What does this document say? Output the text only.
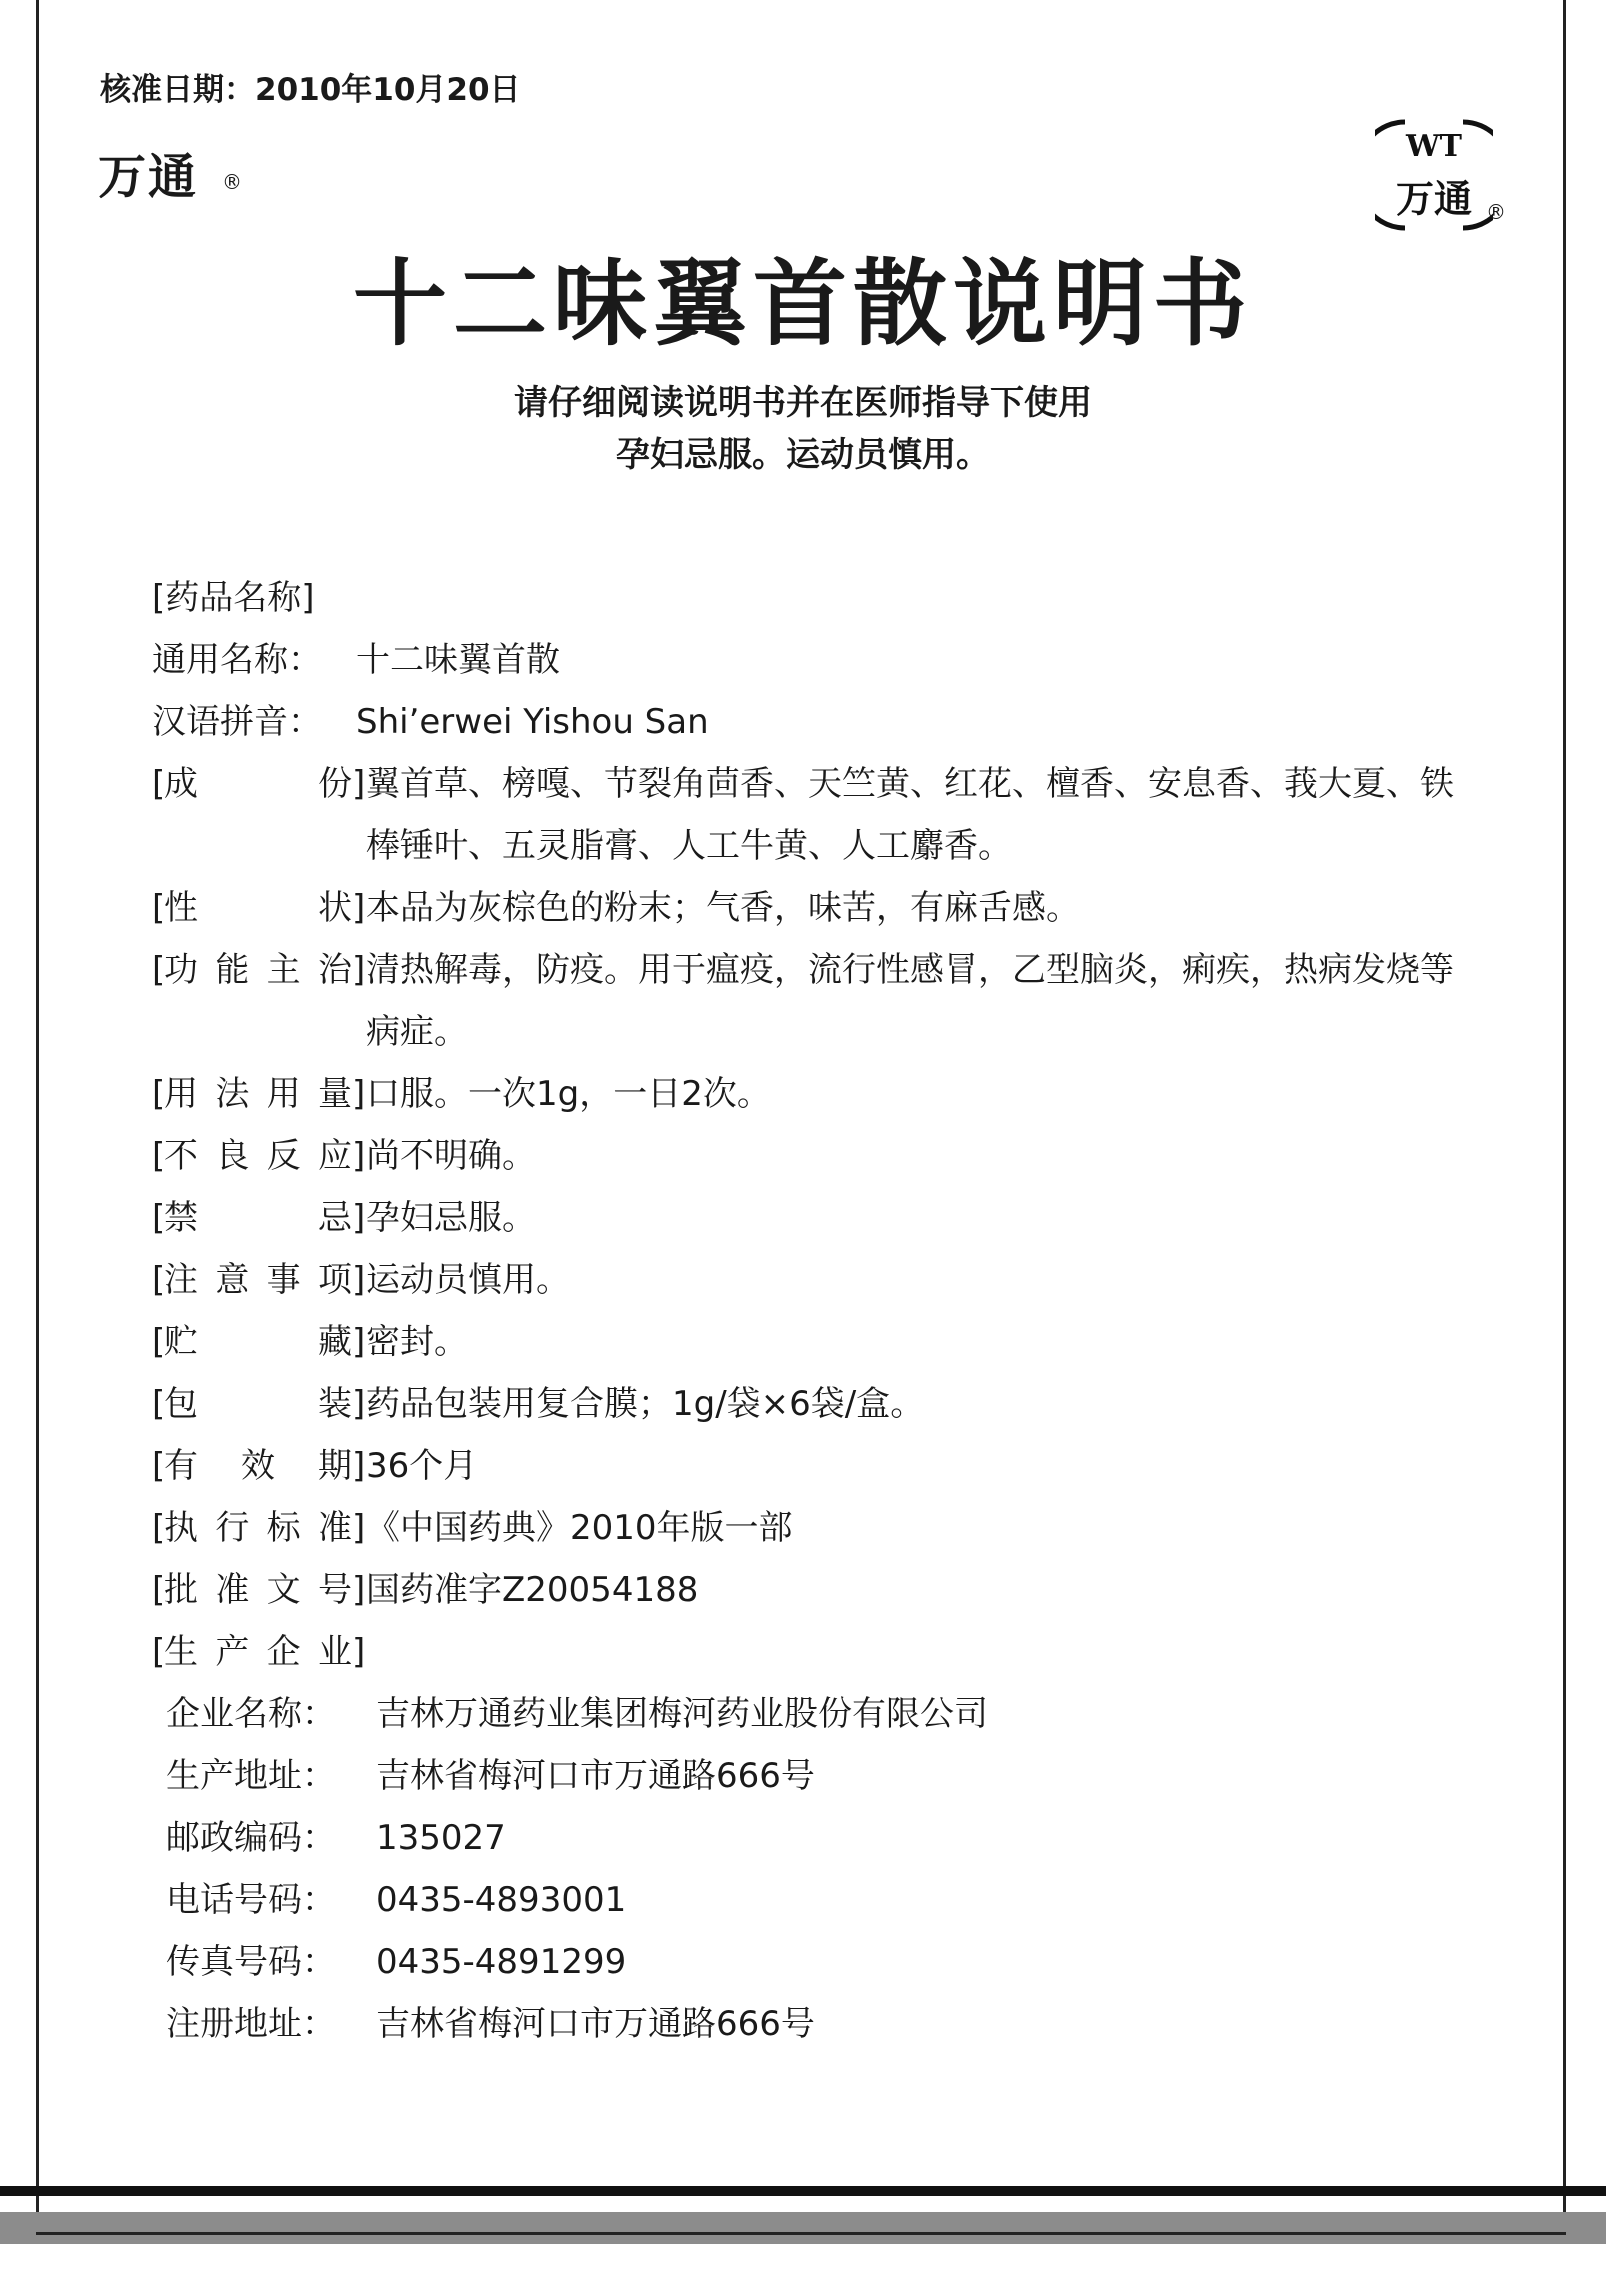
核准日期：2010年10月20日
万通 ®
WT
万通 ®
十二味翼首散说明书
请仔细阅读说明书并在医师指导下使用
孕妇忌服。运动员慎用。
[药品名称]
通用名称：	十二味翼首散
汉语拼音：	Shi’erwei Yishou San
[
成	份 ] 翼首草、榜嘎、节裂角茴香、天竺黄、红花、檀香、安息香、莪大夏、铁棒锤叶、五灵脂膏、人工牛黄、人工麝香。
[
性	状 ] 本品为灰棕色的粉末；气香，味苦，有麻舌感。
[
功 能 主 治 ] 清热解毒，防疫。用于瘟疫，流行性感冒，乙型脑炎，痢疾，热病发烧等病症。
[
用 法 用 量 ] 口服。一次1g，一日2次。
[
不 良 反 应 ] 尚不明确。
[
禁	忌 ] 孕妇忌服。
[
注 意 事 项 ] 运动员慎用。
[
贮	藏 ] 密封。
[
包	装 ] 药品包装用复合膜；1g/袋×6袋/盒。
[
有 效 期 ] 36个月
[
执 行 标 准 ] 《中国药典》2010年版一部
[
批 准 文 号 ] 国药准字Z20054188
[
生 产 企 业 ]
企业名称：	吉林万通药业集团梅河药业股份有限公司
生产地址：	吉林省梅河口市万通路666号
邮政编码：	135027
电话号码：	0435-4893001
传真号码：	0435-4891299
注册地址：	吉林省梅河口市万通路666号
